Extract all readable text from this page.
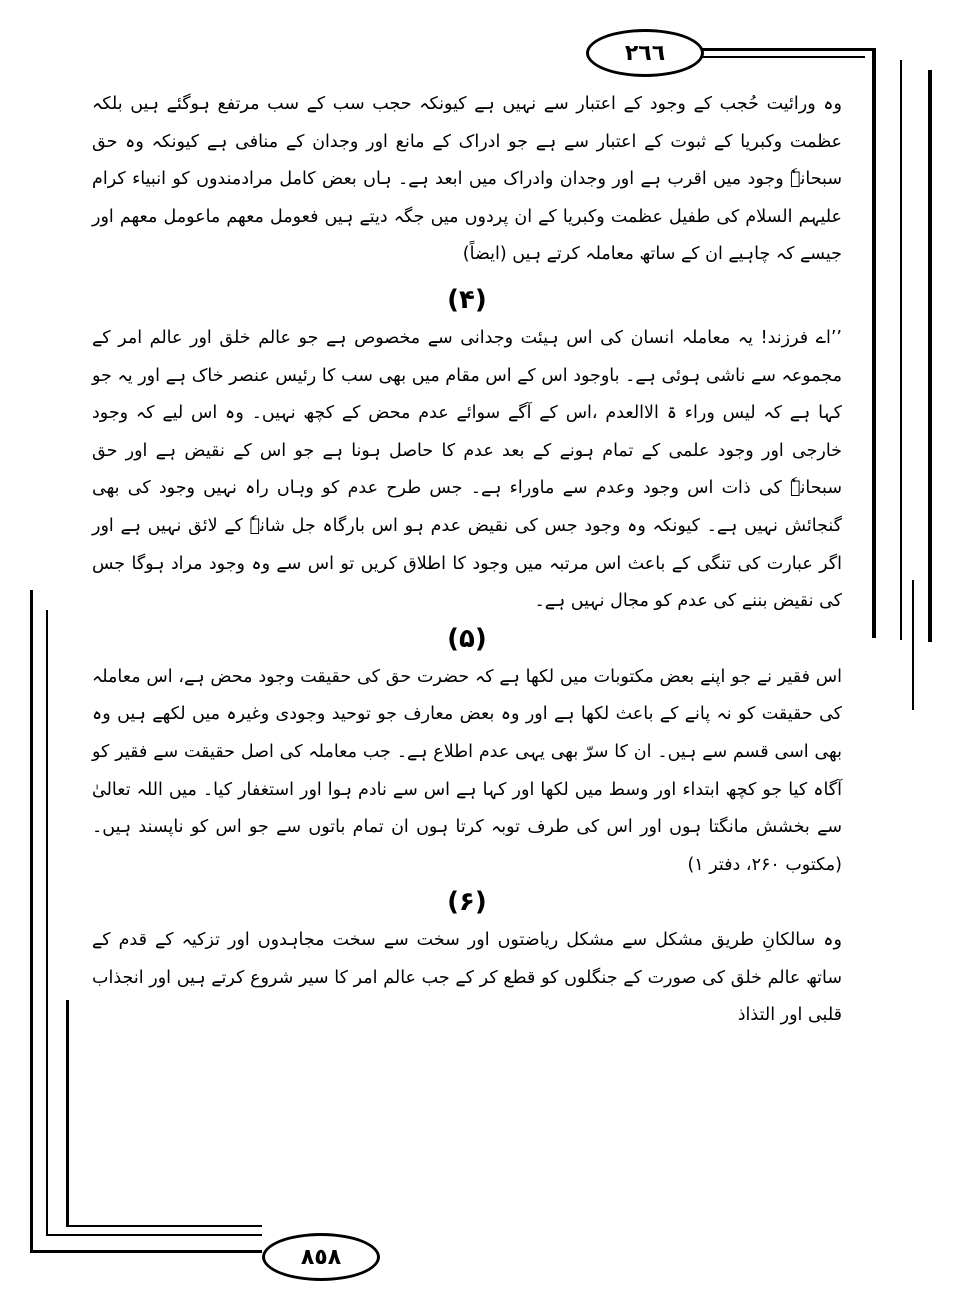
٢٦٦
٨٥٨

وہ ورائیت حُجب کے وجود کے اعتبار سے نہیں ہے کیونکہ حجب سب کے سب مرتفع ہوگئے ہیں بلکہ عظمت وکبریا کے ثبوت کے اعتبار سے ہے جو ادراک کے مانع اور وجدان کے منافی ہے کیونکہ وہ حق سبحانہٗ وجود میں اقرب ہے اور وجدان وادراک میں ابعد ہے۔ ہاں بعض کامل مرادمندوں کو انبیاء کرام علیہم السلام کی طفیل عظمت وکبریا کے ان پردوں میں جگہ دیتے ہیں فعومل معھم ماعومل معھم اور جیسے کہ چاہیے ان کے ساتھ معاملہ کرتے ہیں (ایضاً)

(۴)

’’اے فرزند! یہ معاملہ انسان کی اس ہیئت وجدانی سے مخصوص ہے جو عالم خلق اور عالم امر کے مجموعہ سے ناشی ہوئی ہے۔ باوجود اس کے اس مقام میں بھی سب کا رئیس عنصر خاک ہے اور یہ جو کہا ہے کہ لیس وراء ۃ الاالعدم ،اس کے آگے سوائے عدم محض کے کچھ نہیں۔ وہ اس لیے کہ وجود خارجی اور وجود علمی کے تمام ہونے کے بعد عدم کا حاصل ہونا ہے جو اس کے نقیض ہے اور حق سبحانہٗ کی ذات اس وجود وعدم سے ماوراء ہے۔ جس طرح عدم کو وہاں راہ نہیں وجود کی بھی گنجائش نہیں ہے۔ کیونکہ وہ وجود جس کی نقیض عدم ہو اس بارگاہ جل شانہٗ کے لائق نہیں ہے اور اگر عبارت کی تنگی کے باعث اس مرتبہ میں وجود کا اطلاق کریں تو اس سے وہ وجود مراد ہوگا جس کی نقیض بننے کی عدم کو مجال نہیں ہے۔

(۵)

اس فقیر نے جو اپنے بعض مکتوبات میں لکھا ہے کہ حضرت حق کی حقیقت وجود محض ہے، اس معاملہ کی حقیقت کو نہ پانے کے باعث لکھا ہے اور وہ بعض معارف جو توحید وجودی وغیرہ میں لکھے ہیں وہ بھی اسی قسم سے ہیں۔ ان کا سرّ بھی یہی عدم اطلاع ہے۔ جب معاملہ کی اصل حقیقت سے فقیر کو آگاہ کیا جو کچھ ابتداء اور وسط میں لکھا اور کہا ہے اس سے نادم ہوا اور استغفار کیا۔ میں اللہ تعالیٰ سے بخشش مانگتا ہوں اور اس کی طرف توبہ کرتا ہوں ان تمام باتوں سے جو اس کو ناپسند ہیں۔ (مکتوب ۲۶۰، دفتر ۱)

(۶)

وہ سالکانِ طریق مشکل سے مشکل ریاضتوں اور سخت سے سخت مجاہدوں اور تزکیہ کے قدم کے ساتھ عالم خلق کی صورت کے جنگلوں کو قطع کر کے جب عالم امر کا سیر شروع کرتے ہیں اور انجذاب قلبی اور التذاذ
